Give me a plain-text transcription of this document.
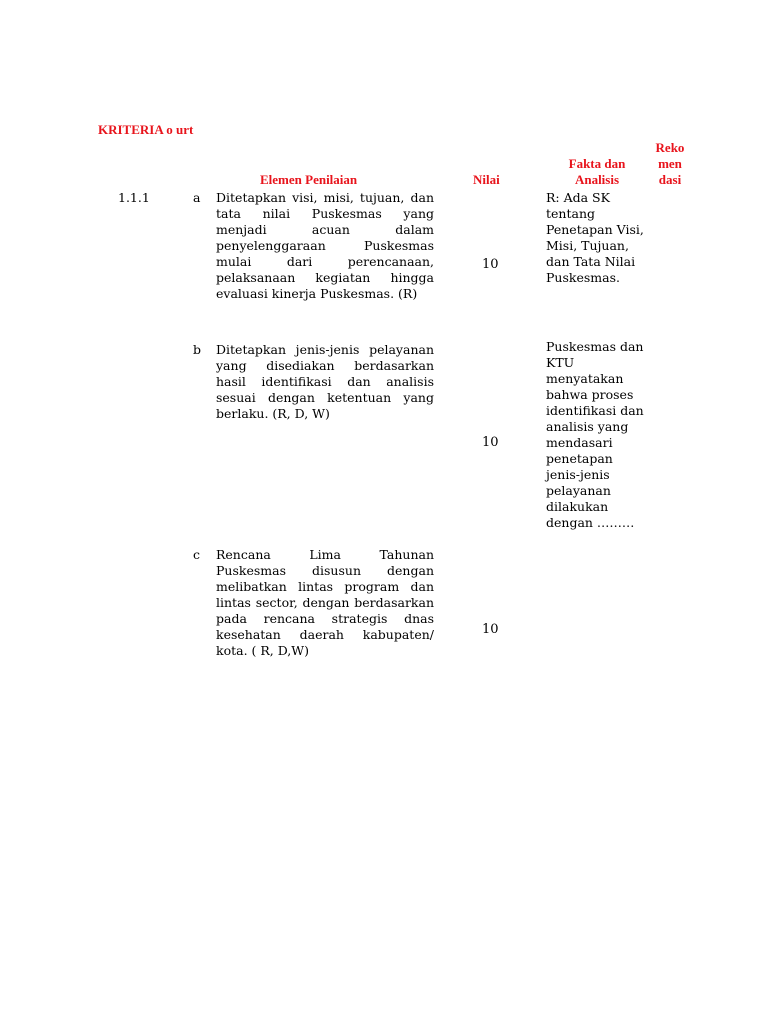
KRITERIA o urt
Elemen Penilaian	Nilai
Fakta dan
Analisis
Reko
men
dasi
1.1.1	a Ditetapkan visi, misi, tujuan, dan tata nilai Puskesmas yang menjadi acuan dalam penyelenggaraan Puskesmas mulai dari perencanaan, pelaksanaan kegiatan hingga evaluasi kinerja Puskesmas. (R)
10
R: Ada SK tentang Penetapan Visi, Misi, Tujuan, dan Tata Nilai Puskesmas.
b Ditetapkan jenis-jenis pelayanan yang disediakan berdasarkan hasil identifikasi dan analisis sesuai dengan ketentuan yang berlaku. (R, D, W)
10
Puskesmas dan KTU menyatakan bahwa proses identifikasi dan analisis yang mendasari penetapan jenis-jenis pelayanan dilakukan dengan ………
c Rencana Lima Tahunan Puskesmas disusun dengan melibatkan lintas program dan lintas sector, dengan berdasarkan pada rencana strategis dnas kesehatan daerah kabupaten/ kota. ( R, D,W)
10
